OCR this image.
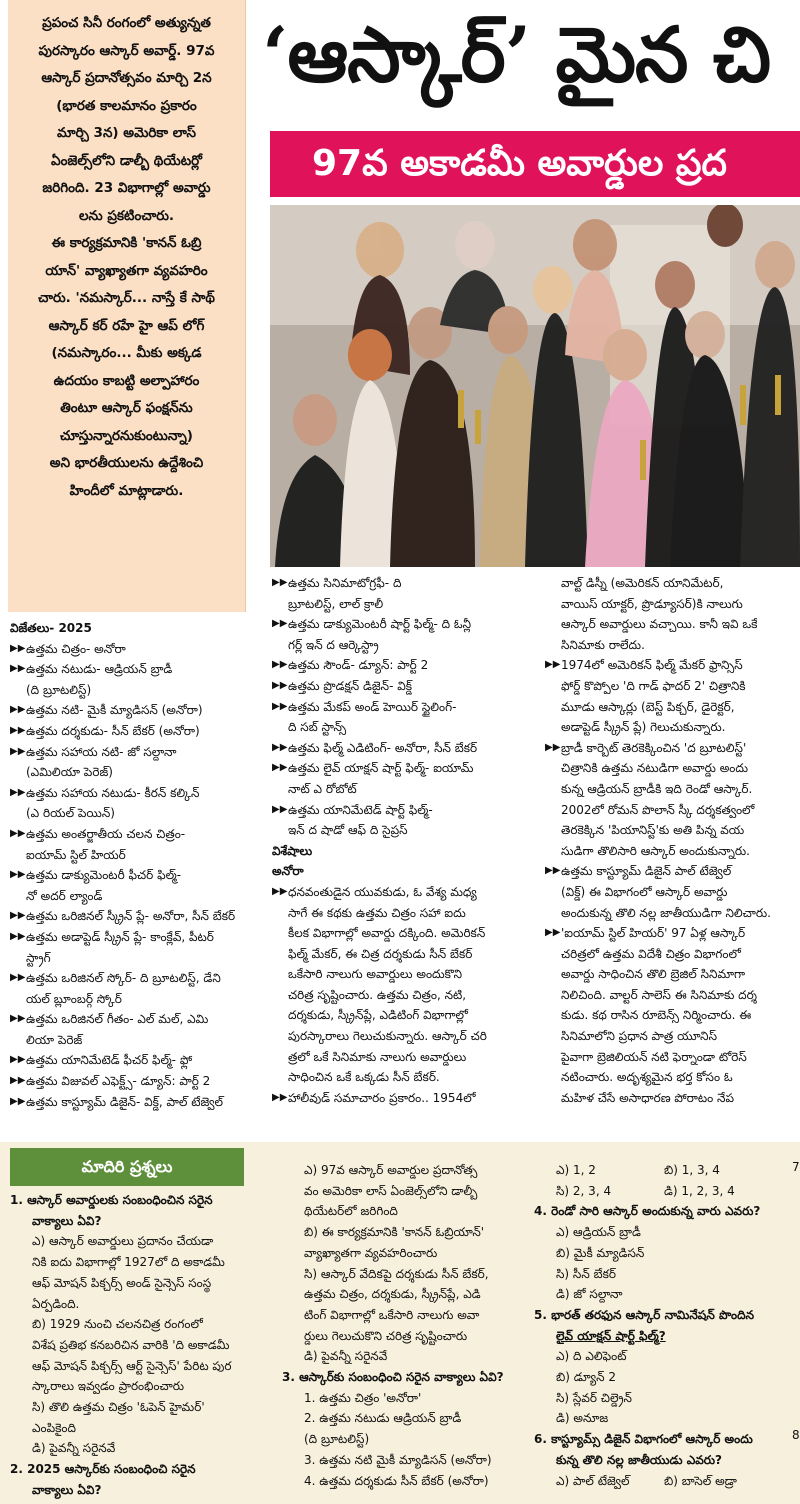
ప్రపంచ సినీ రంగంలో అత్యున్నత

పురస్కారం ఆస్కార్ అవార్డ్. 97వ

ఆస్కార్ ప్రదానోత్సవం మార్చి 2న

(భారత కాలమానం ప్రకారం

మార్చి 3న) అమెరికా లాస్

ఏంజెల్స్‌లోని డాల్బీ థియేటర్లో

జరిగింది. 23 విభాగాల్లో అవార్డు

లను ప్రకటించారు.

ఈ కార్యక్రమానికి 'కానన్ ఓబ్రి

యాన్' వ్యాఖ్యాతగా వ్యవహరిం

చారు. 'నమస్కార్... నాస్తే కే సాథ్

ఆస్కార్ కర్ రహే హై ఆప్ లోగ్

(నమస్కారం... మీకు అక్కడ

ఉదయం కాబట్టి అల్పాహారం

తింటూ ఆస్కార్ ఫంక్షన్‌ను

చూస్తున్నారనుకుంటున్నా)

అని భారతీయులను ఉద్దేశించి

హిందీలో మాట్లాడారు.

‘ఆస్కార్’ మైన చి
97వ అకాడమీ అవార్డుల ప్రద
విజేతలు- 2025
▶▶ ఉత్తమ చిత్రం- అనోరా
▶▶ ఉత్తమ నటుడు- ఆడ్రియన్ బ్రాడీ
(ది బ్రూటలిస్ట్)
▶▶ ఉత్తమ నటి- మైకీ మ్యాడిసన్ (అనోరా)
▶▶ ఉత్తమ దర్శకుడు- సీన్ బేకర్ (అనోరా)
▶▶ ఉత్తమ సహాయ నటి- జో సల్దానా
(ఎమిలియా పెరెజ్)
▶▶ ఉత్తమ సహాయ నటుడు- కీరన్ కల్కిన్
(ఎ రియల్ పెయిన్)
▶▶ ఉత్తమ అంతర్జాతీయ చలన చిత్రం-
ఐయామ్ స్టిల్ హియర్
▶▶ ఉత్తమ డాక్యుమెంటరీ ఫీచర్ ఫిల్మ్-
నో అదర్ ల్యాండ్
▶▶ ఉత్తమ ఒరిజినల్ స్క్రీన్ ప్లే- అనోరా, సీన్ బేకర్
▶▶ ఉత్తమ అడాప్టెడ్ స్క్రీన్ ప్లే- కాంక్లేవ్, పీటర్
స్ట్రాగ్
▶▶ ఉత్తమ ఒరిజినల్ స్కోర్- ది బ్రూటలిస్ట్, డేని
యల్ బ్లూంబర్గ్ స్కోర్
▶▶ ఉత్తమ ఒరిజినల్ గీతం- ఎల్ మల్, ఎమి
లియా పెరెజ్
▶▶ ఉత్తమ యానిమేటెడ్ ఫీచర్ ఫిల్మ్- ఫ్లో
▶▶ ఉత్తమ విజువల్ ఎఫెక్ట్స్- డ్యూన్: పార్ట్ 2
▶▶ ఉత్తమ కాస్ట్యూమ్ డిజైన్- విక్డ్, పాల్ టేజ్వెల్
▶▶ ఉత్తమ సినిమాటోగ్రఫీ- ది
బ్రూటలిస్ట్, లాల్ క్రాలీ
▶▶ ఉత్తమ డాక్యుమెంటరీ షార్ట్ ఫిల్మ్- ది ఓన్లీ
గర్ల్ ఇన్ ద ఆర్కెస్ట్రా
▶▶ ఉత్తమ సౌండ్- డ్యూన్: పార్ట్ 2
▶▶ ఉత్తమ ప్రొడక్షన్ డిజైన్- విక్డ్
▶▶ ఉత్తమ మేకప్ అండ్ హెయిర్ స్టైలింగ్-
ది సబ్ స్టాన్స్
▶▶ ఉత్తమ ఫిల్మ్ ఎడిటింగ్- అనోరా, సీన్ బేకర్
▶▶ ఉత్తమ లైవ్ యాక్షన్ షార్ట్ ఫిల్మ్- ఐయామ్
నాట్ ఎ రోబోట్
▶▶ ఉత్తమ యానిమేటెడ్ షార్ట్ ఫిల్మ్-
ఇన్ ద షాడో ఆఫ్ ది సైప్రస్
విశేషాలు
అనోరా
▶▶ ధనవంతుడైన యువకుడు, ఓ వేశ్య మధ్య
సాగే ఈ కథకు ఉత్తమ చిత్రం సహా ఐదు
కీలక విభాగాల్లో అవార్డు దక్కింది. అమెరికన్
ఫిల్మ్ మేకర్, ఈ చిత్ర దర్శకుడు సీన్ బేకర్
ఒకేసారి నాలుగు అవార్డులు అందుకొని
చరిత్ర సృష్టించారు. ఉత్తమ చిత్రం, నటి,
దర్శకుడు, స్క్రీన్‌ప్లే, ఎడిటింగ్ విభాగాల్లో
పురస్కారాలు గెలుచుకున్నారు. ఆస్కార్ చరి
త్రలో ఒకే సినిమాకు నాలుగు అవార్డులు
సాధించిన ఒకే ఒక్కడు సీన్ బేకర్.
▶▶ హాలీవుడ్ సమాచారం ప్రకారం.. 1954లో
వాల్ట్ డిస్నీ (అమెరికన్ యానిమేటర్,
వాయిస్ యాక్టర్, ప్రొడ్యూసర్)కి నాలుగు
ఆస్కార్ అవార్డులు వచ్చాయి. కానీ ఇవి ఒకే
సినిమాకు రాలేదు.
▶▶ 1974లో అమెరికన్ ఫిల్మ్ మేకర్ ఫ్రాన్సిస్
ఫోర్డ్ కొప్పోల 'ది గాడ్ ఫాదర్ 2' చిత్రానికి
మూడు ఆస్కార్లు (బెస్ట్ పిక్చర్, డైరెక్టర్,
అడాప్టెడ్ స్క్రీన్ ప్లే) గెలుచుకున్నారు.
▶▶ బ్రాడీ కార్బెట్ తెరకెక్కించిన 'ద బ్రూటలిస్ట్'
చిత్రానికి ఉత్తమ నటుడిగా అవార్డు అందు
కున్న ఆడ్రియన్ బ్రాడీకి ఇది రెండో ఆస్కార్.
2002లో రోమన్ పొలాన్ స్కీ దర్శకత్వంలో
తెరకెక్కిన 'పియానిస్ట్'కు అతి పిన్న వయ
సుడిగా తొలిసారి ఆస్కార్ అందుకున్నారు.
▶▶ ఉత్తమ కాస్ట్యూమ్ డిజైన్ పాల్ టేజ్వెల్
(విక్డ్) ఈ విభాగంలో ఆస్కార్ అవార్డు
అందుకున్న తొలి నల్ల జాతీయుడిగా నిలిచారు.
▶▶ 'ఐయామ్ స్టిల్ హియర్' 97 ఏళ్ల ఆస్కార్
చరిత్రలో ఉత్తమ విదేశీ చిత్రం విభాగంలో
అవార్డు సాధించిన తొలి బ్రెజిల్ సినిమాగా
నిలిచింది. వాల్టర్ సాలెస్ ఈ సినిమాకు దర్శ
కుడు. కథ రాసిన రూబెన్స్ నిర్మించారు. ఈ
సినిమాలోని ప్రధాన పాత్ర యూనిస్
పైవాగా బ్రెజిలియన్ నటి ఫెర్నాండా టోరెస్
నటించారు. అదృశ్యమైన భర్త కోసం ఓ
మహిళ చేసే అసాధారణ పోరాటం నేప
మాదిరి ప్రశ్నలు
1. ఆస్కార్ అవార్డులకు సంబంధించిన సరైన
వాక్యాలు ఏవి?
ఎ) ఆస్కార్ అవార్డులు ప్రదానం చేయడా
నికి ఐదు విభాగాల్లో 1927లో ది అకాడమీ
ఆఫ్ మోషన్ పిక్చర్స్ అండ్ సైన్సెస్ సంస్థ
ఏర్పడింది.
బి) 1929 నుంచి చలనచిత్ర రంగంలో
విశేష ప్రతిభ కనబరిచిన వారికి 'ది అకాడమీ
ఆఫ్ మోషన్ పిక్చర్స్ ఆర్ట్ సైన్సెస్' పేరిట పుర
స్కారాలు ఇవ్వడం ప్రారంభించారు
సి) తొలి ఉత్తమ చిత్రం 'ఓపెన్ హైమర్'
ఎంపికైంది
డి) పైవన్నీ సరైనవే
2. 2025 ఆస్కార్‌కు సంబంధించి సరైన
వాక్యాలు ఏవి?
ఎ) 97వ ఆస్కార్ అవార్డుల ప్రదానోత్స
వం అమెరికా లాస్ ఏంజెల్స్‌లోని డాల్బీ
థియేటర్‌లో జరిగింది
బి) ఈ కార్యక్రమానికి 'కానన్ ఓబ్రియాన్'
వ్యాఖ్యాతగా వ్యవహరించారు
సి) ఆస్కార్ వేదికపై దర్శకుడు సీన్ బేకర్,
ఉత్తమ చిత్రం, దర్శకుడు, స్క్రీన్‌ప్లే, ఎడి
టింగ్ విభాగాల్లో ఒకేసారి నాలుగు అవా
ర్డులు గెలుచుకొని చరిత్ర సృష్టించారు
డి) పైవన్నీ సరైనవే
3. ఆస్కార్‌కు సంబంధించి సరైన వాక్యాలు ఏవి?
1. ఉత్తమ చిత్రం 'అనోరా'
2. ఉత్తమ నటుడు ఆడ్రియన్ బ్రాడీ
(ది బ్రూటలిస్ట్)
3. ఉత్తమ నటి మైకీ మ్యాడిసన్ (అనోరా)
4. ఉత్తమ దర్శకుడు సీన్ బేకర్ (అనోరా)
ఎ) 1, 2	బి) 1, 3, 4
సి) 2, 3, 4	డి) 1, 2, 3, 4
4. రెండో సారి ఆస్కార్ అందుకున్న వారు ఎవరు?
ఎ) ఆడ్రియన్ బ్రాడీ
బి) మైకీ మ్యాడిసన్
సి) సీన్ బేకర్
డి) జో సల్దానా
5. భారత్ తరఫున ఆస్కార్ నామినేషన్ పొందిన
లైవ్ యాక్షన్ షార్ట్ ఫిల్మ్?
ఎ) ది ఎలిఫెంట్
బి) డ్యూన్ 2
సి) స్లేవర్ చిల్డ్రెన్
డి) అనూజ
6. కాస్ట్యూమ్స్ డిజైన్ విభాగంలో ఆస్కార్ అందు
కున్న తొలి నల్ల జాతీయుడు ఎవరు?
ఎ) పాల్ టేజ్వెల్	బి) బాసెల్ అడ్రా
7
8
